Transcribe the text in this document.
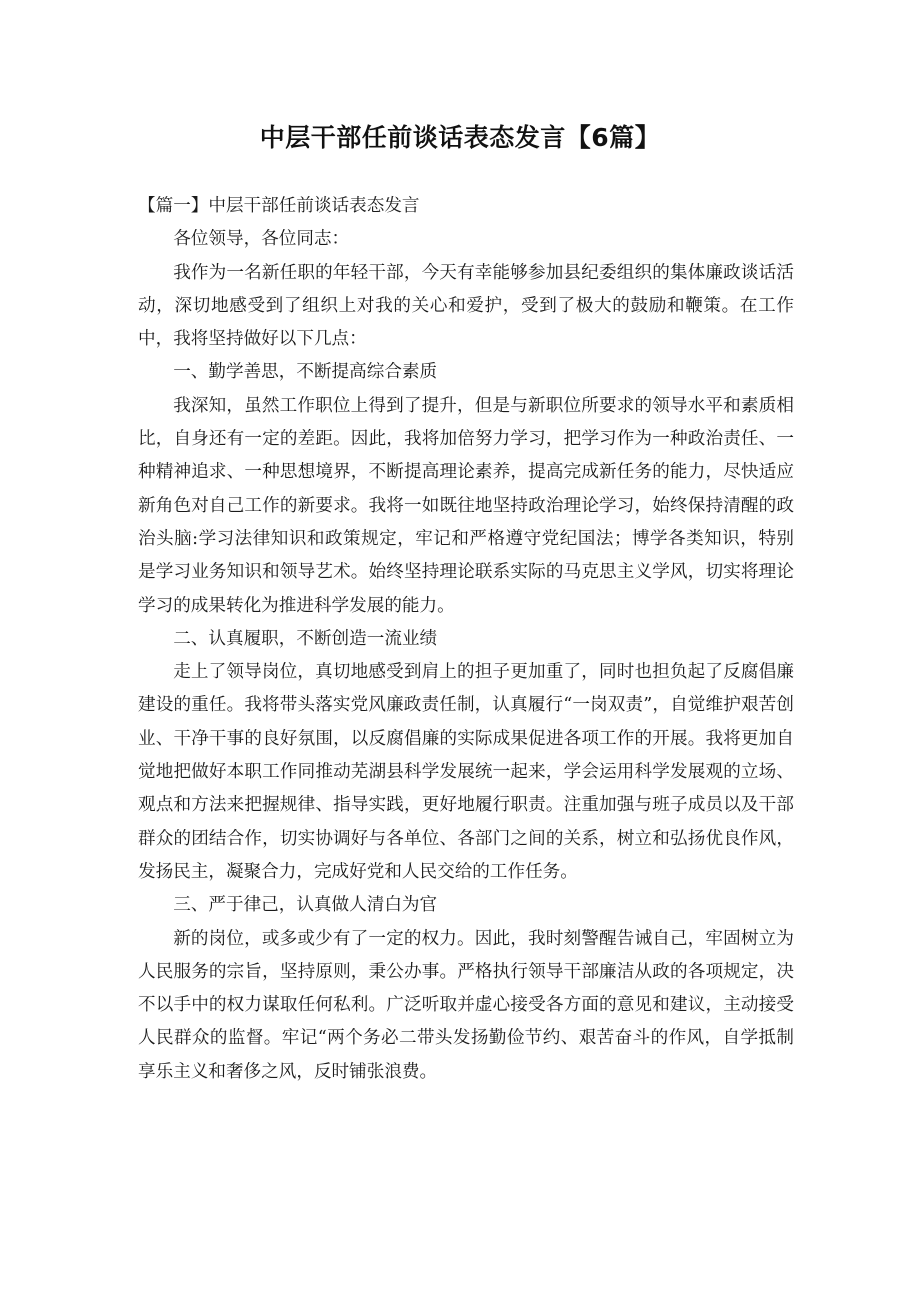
中层干部任前谈话表态发言【6篇】

【篇一】中层干部任前谈话表态发言

各位领导，各位同志：

我作为一名新任职的年轻干部，今天有幸能够参加县纪委组织的集体廉政谈话活动，深切地感受到了组织上对我的关心和爱护，受到了极大的鼓励和鞭策。在工作中，我将坚持做好以下几点：

一、勤学善思，不断提高综合素质

我深知，虽然工作职位上得到了提升，但是与新职位所要求的领导水平和素质相比，自身还有一定的差距。因此，我将加倍努力学习，把学习作为一种政治责任、一种精神追求、一种思想境界，不断提高理论素养，提高完成新任务的能力，尽快适应新角色对自己工作的新要求。我将一如既往地坚持政治理论学习，始终保持清醒的政治头脑:学习法律知识和政策规定，牢记和严格遵守党纪国法；博学各类知识，特别是学习业务知识和领导艺术。始终坚持理论联系实际的马克思主义学风，切实将理论学习的成果转化为推进科学发展的能力。

二、认真履职，不断创造一流业绩

走上了领导岗位，真切地感受到肩上的担子更加重了，同时也担负起了反腐倡廉建设的重任。我将带头落实党风廉政责任制，认真履行“一岗双责”，自觉维护艰苦创业、干净干事的良好氛围，以反腐倡廉的实际成果促进各项工作的开展。我将更加自觉地把做好本职工作同推动芜湖县科学发展统一起来，学会运用科学发展观的立场、观点和方法来把握规律、指导实践，更好地履行职责。注重加强与班子成员以及干部群众的团结合作，切实协调好与各单位、各部门之间的关系，树立和弘扬优良作风，发扬民主，凝聚合力，完成好党和人民交给的工作任务。

三、严于律己，认真做人清白为官

新的岗位，或多或少有了一定的权力。因此，我时刻警醒告诫自己，牢固树立为人民服务的宗旨，坚持原则，秉公办事。严格执行领导干部廉洁从政的各项规定，决不以手中的权力谋取任何私利。广泛听取并虚心接受各方面的意见和建议，主动接受人民群众的监督。牢记“两个务必二带头发扬勤俭节约、艰苦奋斗的作风，自学抵制享乐主义和奢侈之风，反时铺张浪费。
